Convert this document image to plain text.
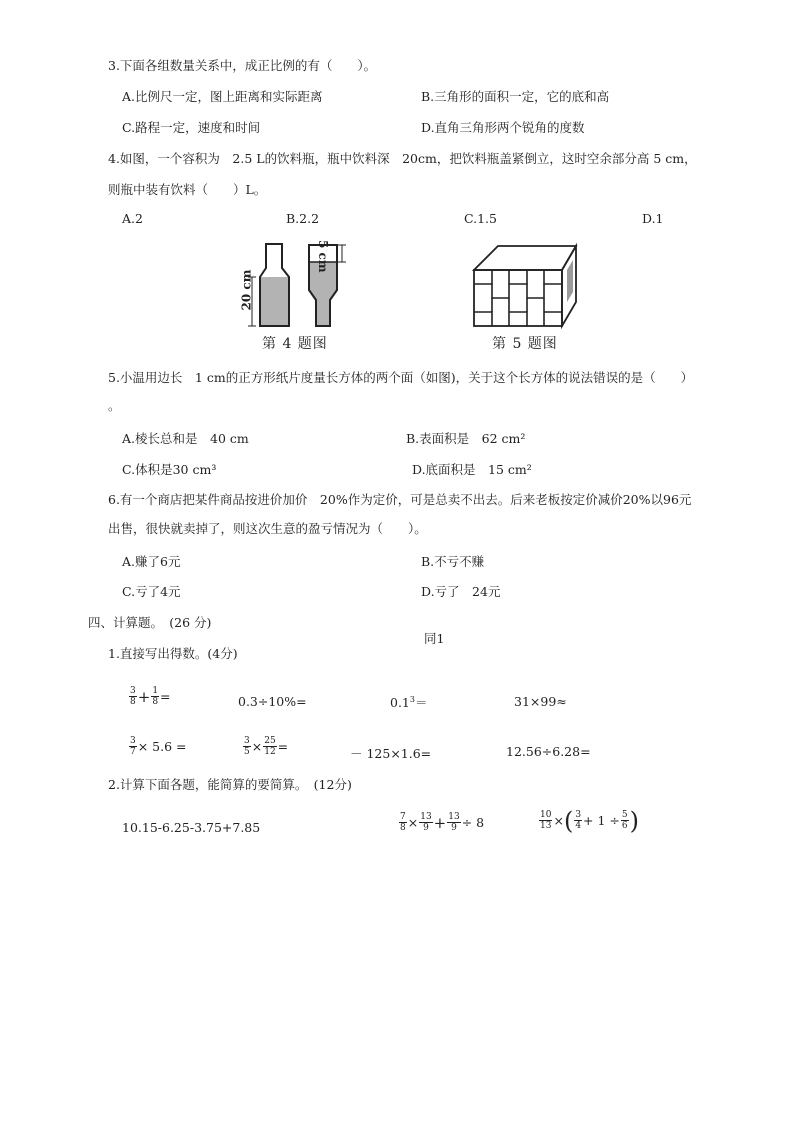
3.下面各组数量关系中，成正比例的有（　　）。
A.比例尺一定，图上距离和实际距离	B.三角形的面积一定，它的底和高
C.路程一定，速度和时间	D.直角三角形两个锐角的度数
4.如图，一个容积为　2.5 L的饮料瓶，瓶中饮料深　20cm，把饮料瓶盖紧倒立，这时空余部分高 5 cm，
则瓶中装有饮料（　　）L。
A.2	B.2.2	C.1.5	D.1
20 cm
5 cm
第 4 题图	第 5 题图
5.小温用边长　1 cm的正方形纸片度量长方体的两个面（如图)，关于这个长方体的说法错误的是（　　）
。
A.棱长总和是　40 cm	B.表面积是　62 cm²
C.体积是30 cm³	D.底面积是　15 cm²
6.有一个商店把某件商品按进价加价　20%作为定价，可是总卖不出去。后来老板按定价减价20%以96元
出售，很快就卖掉了，则这次生意的盈亏情况为（　　）。
A.赚了6元	B.不亏不赚
C.亏了4元	D.亏了　24元
四、计算题。　(26 分)
同1
1.直接写出得数。(4分)
$\frac{3}{8} + \frac{1}{8}$ =	0.3÷10%=	$0.1^3=$	31×99≈
$\frac{3}{7} \times 5.6$ =	$\frac{3}{5} \times \frac{25}{12}$ =	－ 125×1.6=	12.56÷6.28=
2.计算下面各题，能简算的要简算。　(12分)
10.15-6.25-3.75+7.85	$\frac{7}{8} \times \frac{13}{9} + \frac{13}{9} \div 8$	$\frac{10}{13}$ × ( $\frac{3}{4} + 1 \div \frac{5}{6}$ )
